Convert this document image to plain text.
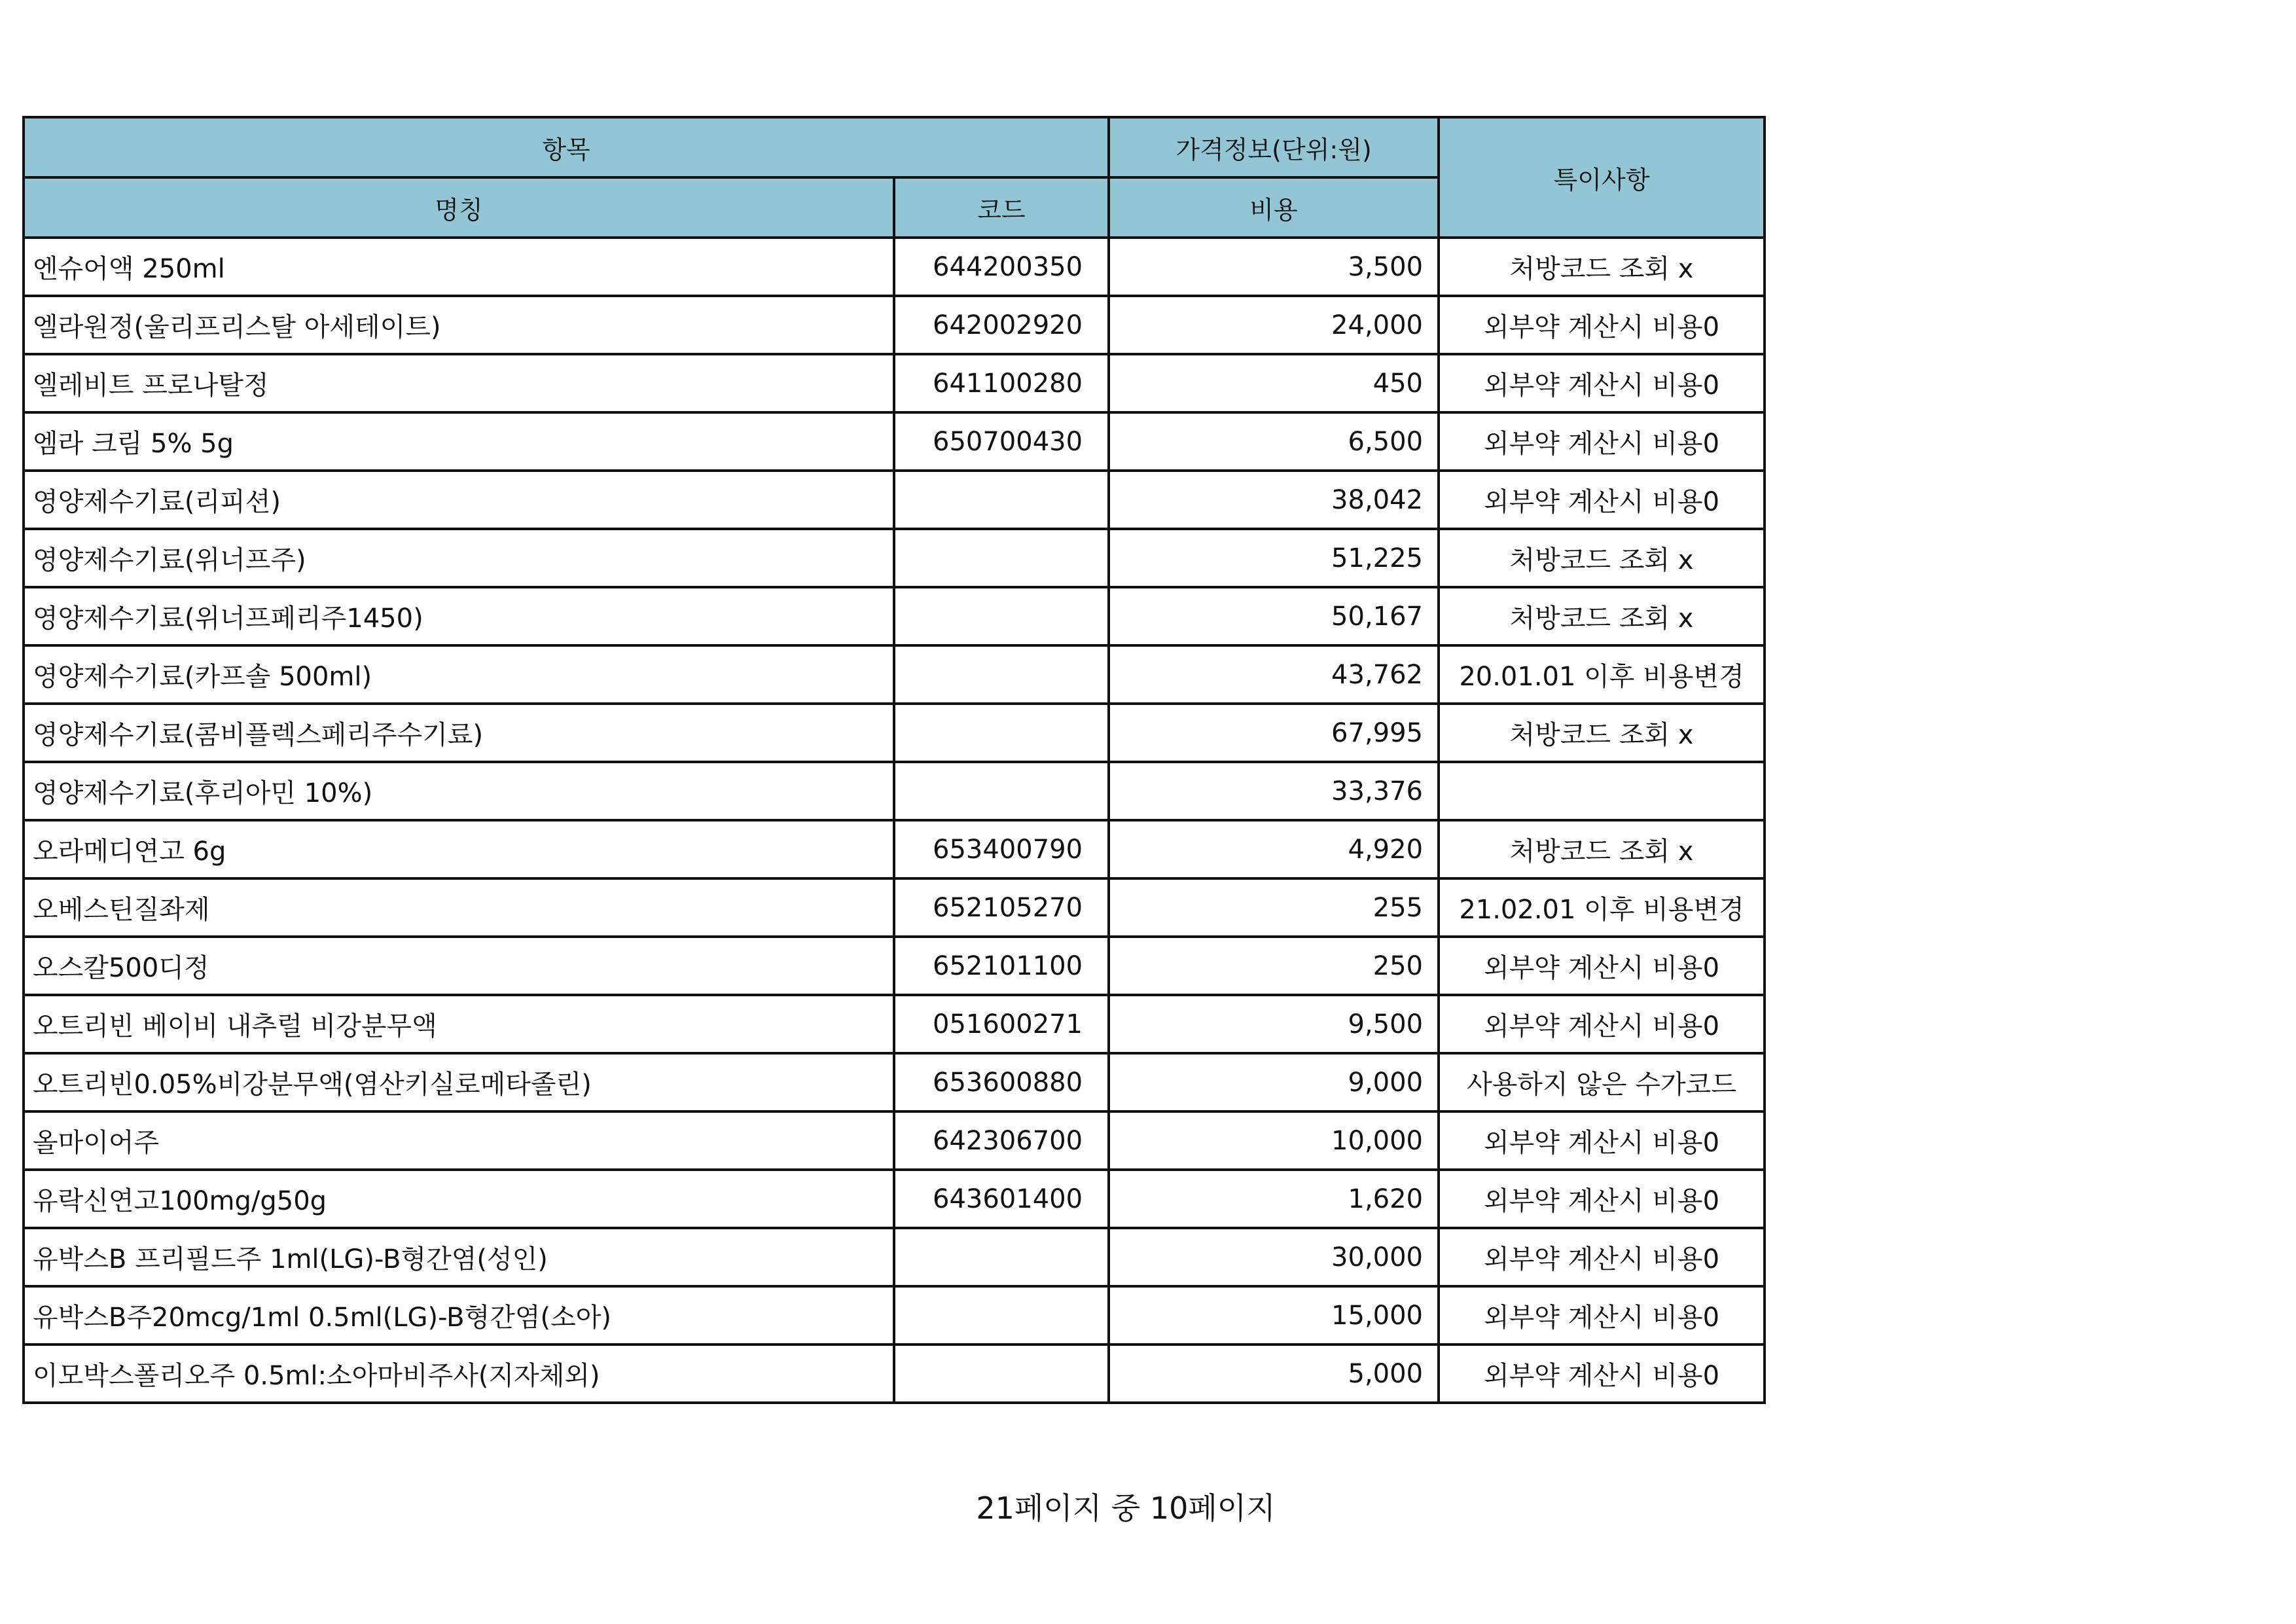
항목		가격정보(단위:원)	특이사항
명칭	코드	비용	
엔슈어액 250ml	644200350	3,500	처방코드 조회 x
엘라원정(울리프리스탈 아세테이트)	642002920	24,000	외부약 계산시 비용0
엘레비트 프로나탈정	641100280	450	외부약 계산시 비용0
엠라 크림 5% 5g	650700430	6,500	외부약 계산시 비용0
영양제수기료(리피션)		38,042	외부약 계산시 비용0
영양제수기료(위너프주)		51,225	처방코드 조회 x
영양제수기료(위너프페리주1450)		50,167	처방코드 조회 x
영양제수기료(카프솔 500ml)		43,762	20.01.01 이후 비용변경
영양제수기료(콤비플렉스페리주수기료)		67,995	처방코드 조회 x
영양제수기료(후리아민 10%)		33,376	
오라메디연고 6g	653400790	4,920	처방코드 조회 x
오베스틴질좌제	652105270	255	21.02.01 이후 비용변경
오스칼500디정	652101100	250	외부약 계산시 비용0
오트리빈 베이비 내추럴 비강분무액	051600271	9,500	외부약 계산시 비용0
오트리빈0.05%비강분무액(염산키실로메타졸린)	653600880	9,000	사용하지 않은 수가코드
올마이어주	642306700	10,000	외부약 계산시 비용0
유락신연고100mg/g50g	643601400	1,620	외부약 계산시 비용0
유박스B 프리필드주 1ml(LG)-B형간염(성인)		30,000	외부약 계산시 비용0
유박스B주20mcg/1ml 0.5ml(LG)-B형간염(소아)		15,000	외부약 계산시 비용0
이모박스폴리오주 0.5ml:소아마비주사(지자체외)		5,000	외부약 계산시 비용0
21페이지 중 10페이지
